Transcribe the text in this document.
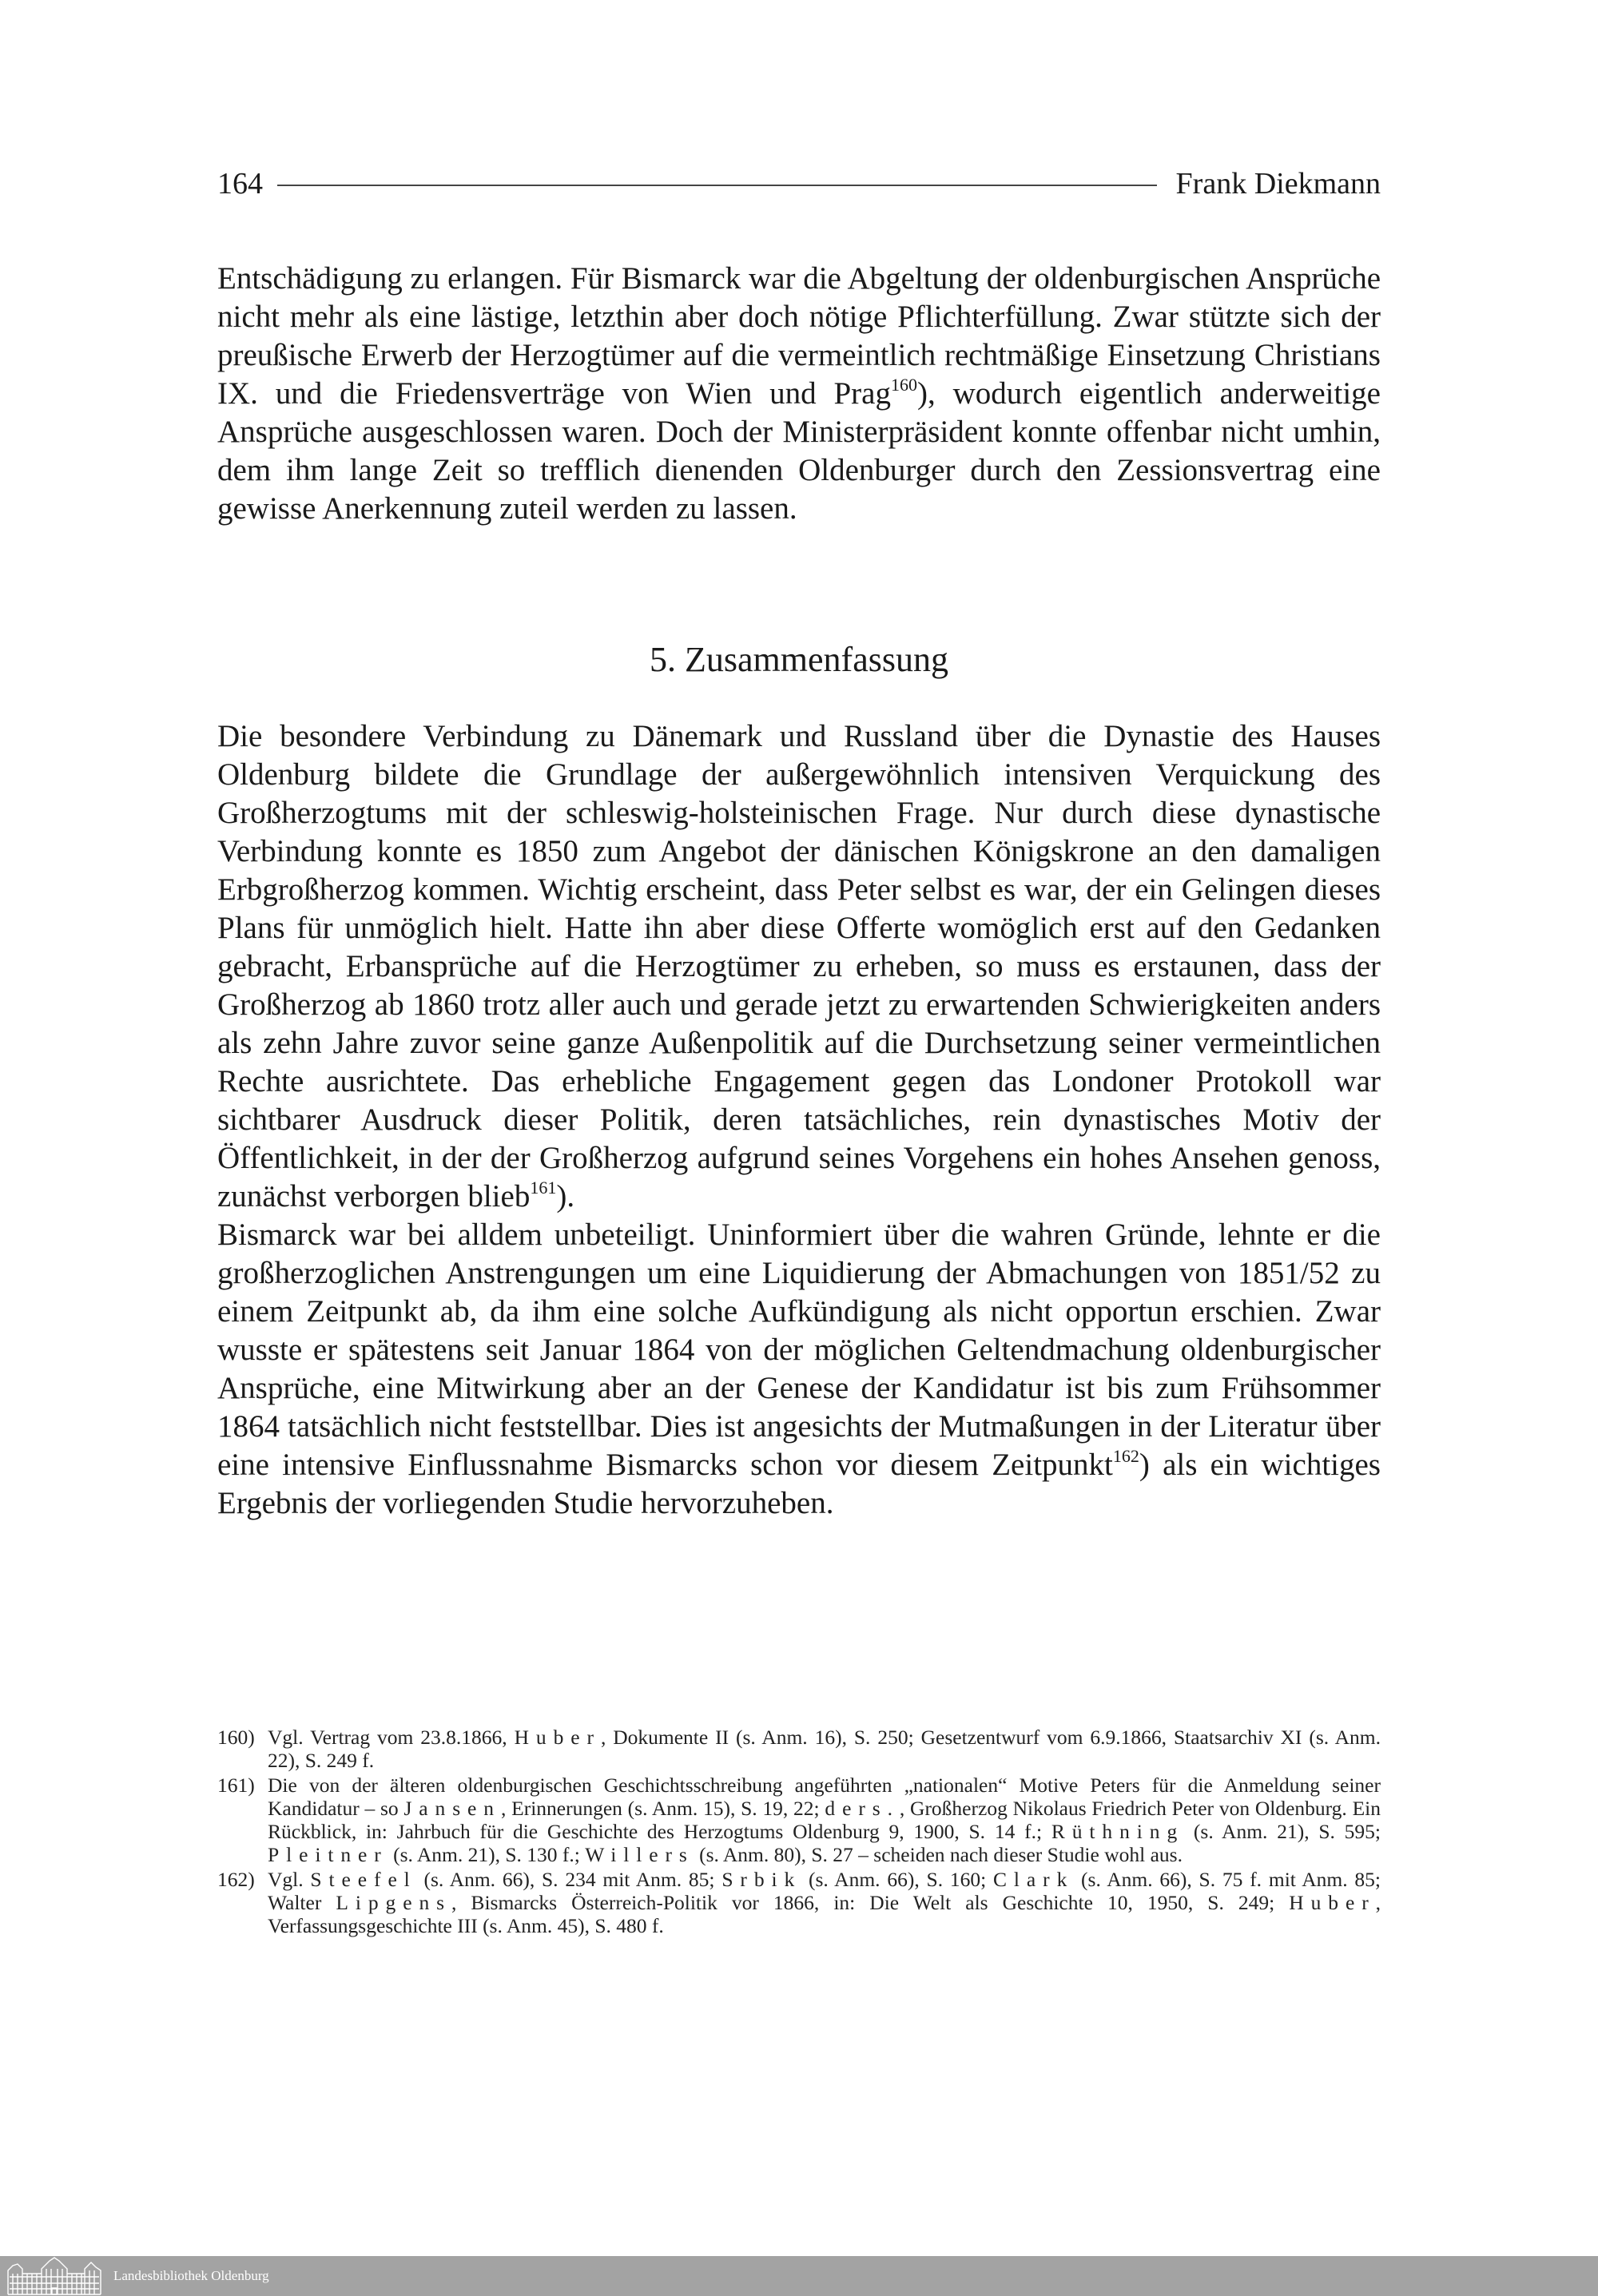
164	Frank Diekmann

Entschädigung zu erlangen. Für Bismarck war die Abgeltung der oldenburgischen Ansprüche nicht mehr als eine lästige, letzthin aber doch nötige Pflichterfüllung. Zwar stützte sich der preußische Erwerb der Herzogtümer auf die vermeintlich rechtmäßige Einsetzung Christians IX. und die Friedensverträge von Wien und Prag$^{160}$), wodurch eigentlich anderweitige Ansprüche ausgeschlossen waren. Doch der Ministerpräsident konnte offenbar nicht umhin, dem ihm lange Zeit so trefflich dienenden Oldenburger durch den Zessionsvertrag eine gewisse Anerkennung zuteil werden zu lassen.

5. Zusammenfassung

Die besondere Verbindung zu Dänemark und Russland über die Dynastie des Hauses Oldenburg bildete die Grundlage der außergewöhnlich intensiven Verquickung des Großherzogtums mit der schleswig-holsteinischen Frage. Nur durch diese dynastische Verbindung konnte es 1850 zum Angebot der dänischen Königskrone an den damaligen Erbgroßherzog kommen. Wichtig erscheint, dass Peter selbst es war, der ein Gelingen dieses Plans für unmöglich hielt. Hatte ihn aber diese Offerte womöglich erst auf den Gedanken gebracht, Erbansprüche auf die Herzogtümer zu erheben, so muss es erstaunen, dass der Großherzog ab 1860 trotz aller auch und gerade jetzt zu erwartenden Schwierigkeiten anders als zehn Jahre zuvor seine ganze Außenpolitik auf die Durchsetzung seiner vermeintlichen Rechte ausrichtete. Das erhebliche Engagement gegen das Londoner Protokoll war sichtbarer Ausdruck dieser Politik, deren tatsächliches, rein dynastisches Motiv der Öffentlichkeit, in der der Großherzog aufgrund seines Vorgehens ein hohes Ansehen genoss, zunächst verborgen blieb$^{161}$).

Bismarck war bei alldem unbeteiligt. Uninformiert über die wahren Gründe, lehnte er die großherzoglichen Anstrengungen um eine Liquidierung der Abmachungen von 1851/52 zu einem Zeitpunkt ab, da ihm eine solche Aufkündigung als nicht opportun erschien. Zwar wusste er spätestens seit Januar 1864 von der möglichen Geltendmachung oldenburgischer Ansprüche, eine Mitwirkung aber an der Genese der Kandidatur ist bis zum Frühsommer 1864 tatsächlich nicht feststellbar. Dies ist angesichts der Mutmaßungen in der Literatur über eine intensive Einflussnahme Bismarcks schon vor diesem Zeitpunkt$^{162}$) als ein wichtiges Ergebnis der vorliegenden Studie hervorzuheben.

160) Vgl. Vertrag vom 23.8.1866, Huber, Dokumente II (s. Anm. 16), S. 250; Gesetzentwurf vom 6.9.1866, Staatsarchiv XI (s. Anm. 22), S. 249 f.
161) Die von der älteren oldenburgischen Geschichtsschreibung angeführten „nationalen“ Motive Peters für die Anmeldung seiner Kandidatur – so Jansen, Erinnerungen (s. Anm. 15), S. 19, 22; ders., Großherzog Nikolaus Friedrich Peter von Oldenburg. Ein Rückblick, in: Jahrbuch für die Geschichte des Herzogtums Oldenburg 9, 1900, S. 14 f.; Rüthning (s. Anm. 21), S. 595; Pleitner (s. Anm. 21), S. 130 f.; Willers (s. Anm. 80), S. 27 – scheiden nach dieser Studie wohl aus.
162) Vgl. Steefel (s. Anm. 66), S. 234 mit Anm. 85; Srbik (s. Anm. 66), S. 160; Clark (s. Anm. 66), S. 75 f. mit Anm. 85; Walter Lipgens, Bismarcks Österreich-Politik vor 1866, in: Die Welt als Geschichte 10, 1950, S. 249; Huber, Verfassungsgeschichte III (s. Anm. 45), S. 480 f.
Landesbibliothek Oldenburg
